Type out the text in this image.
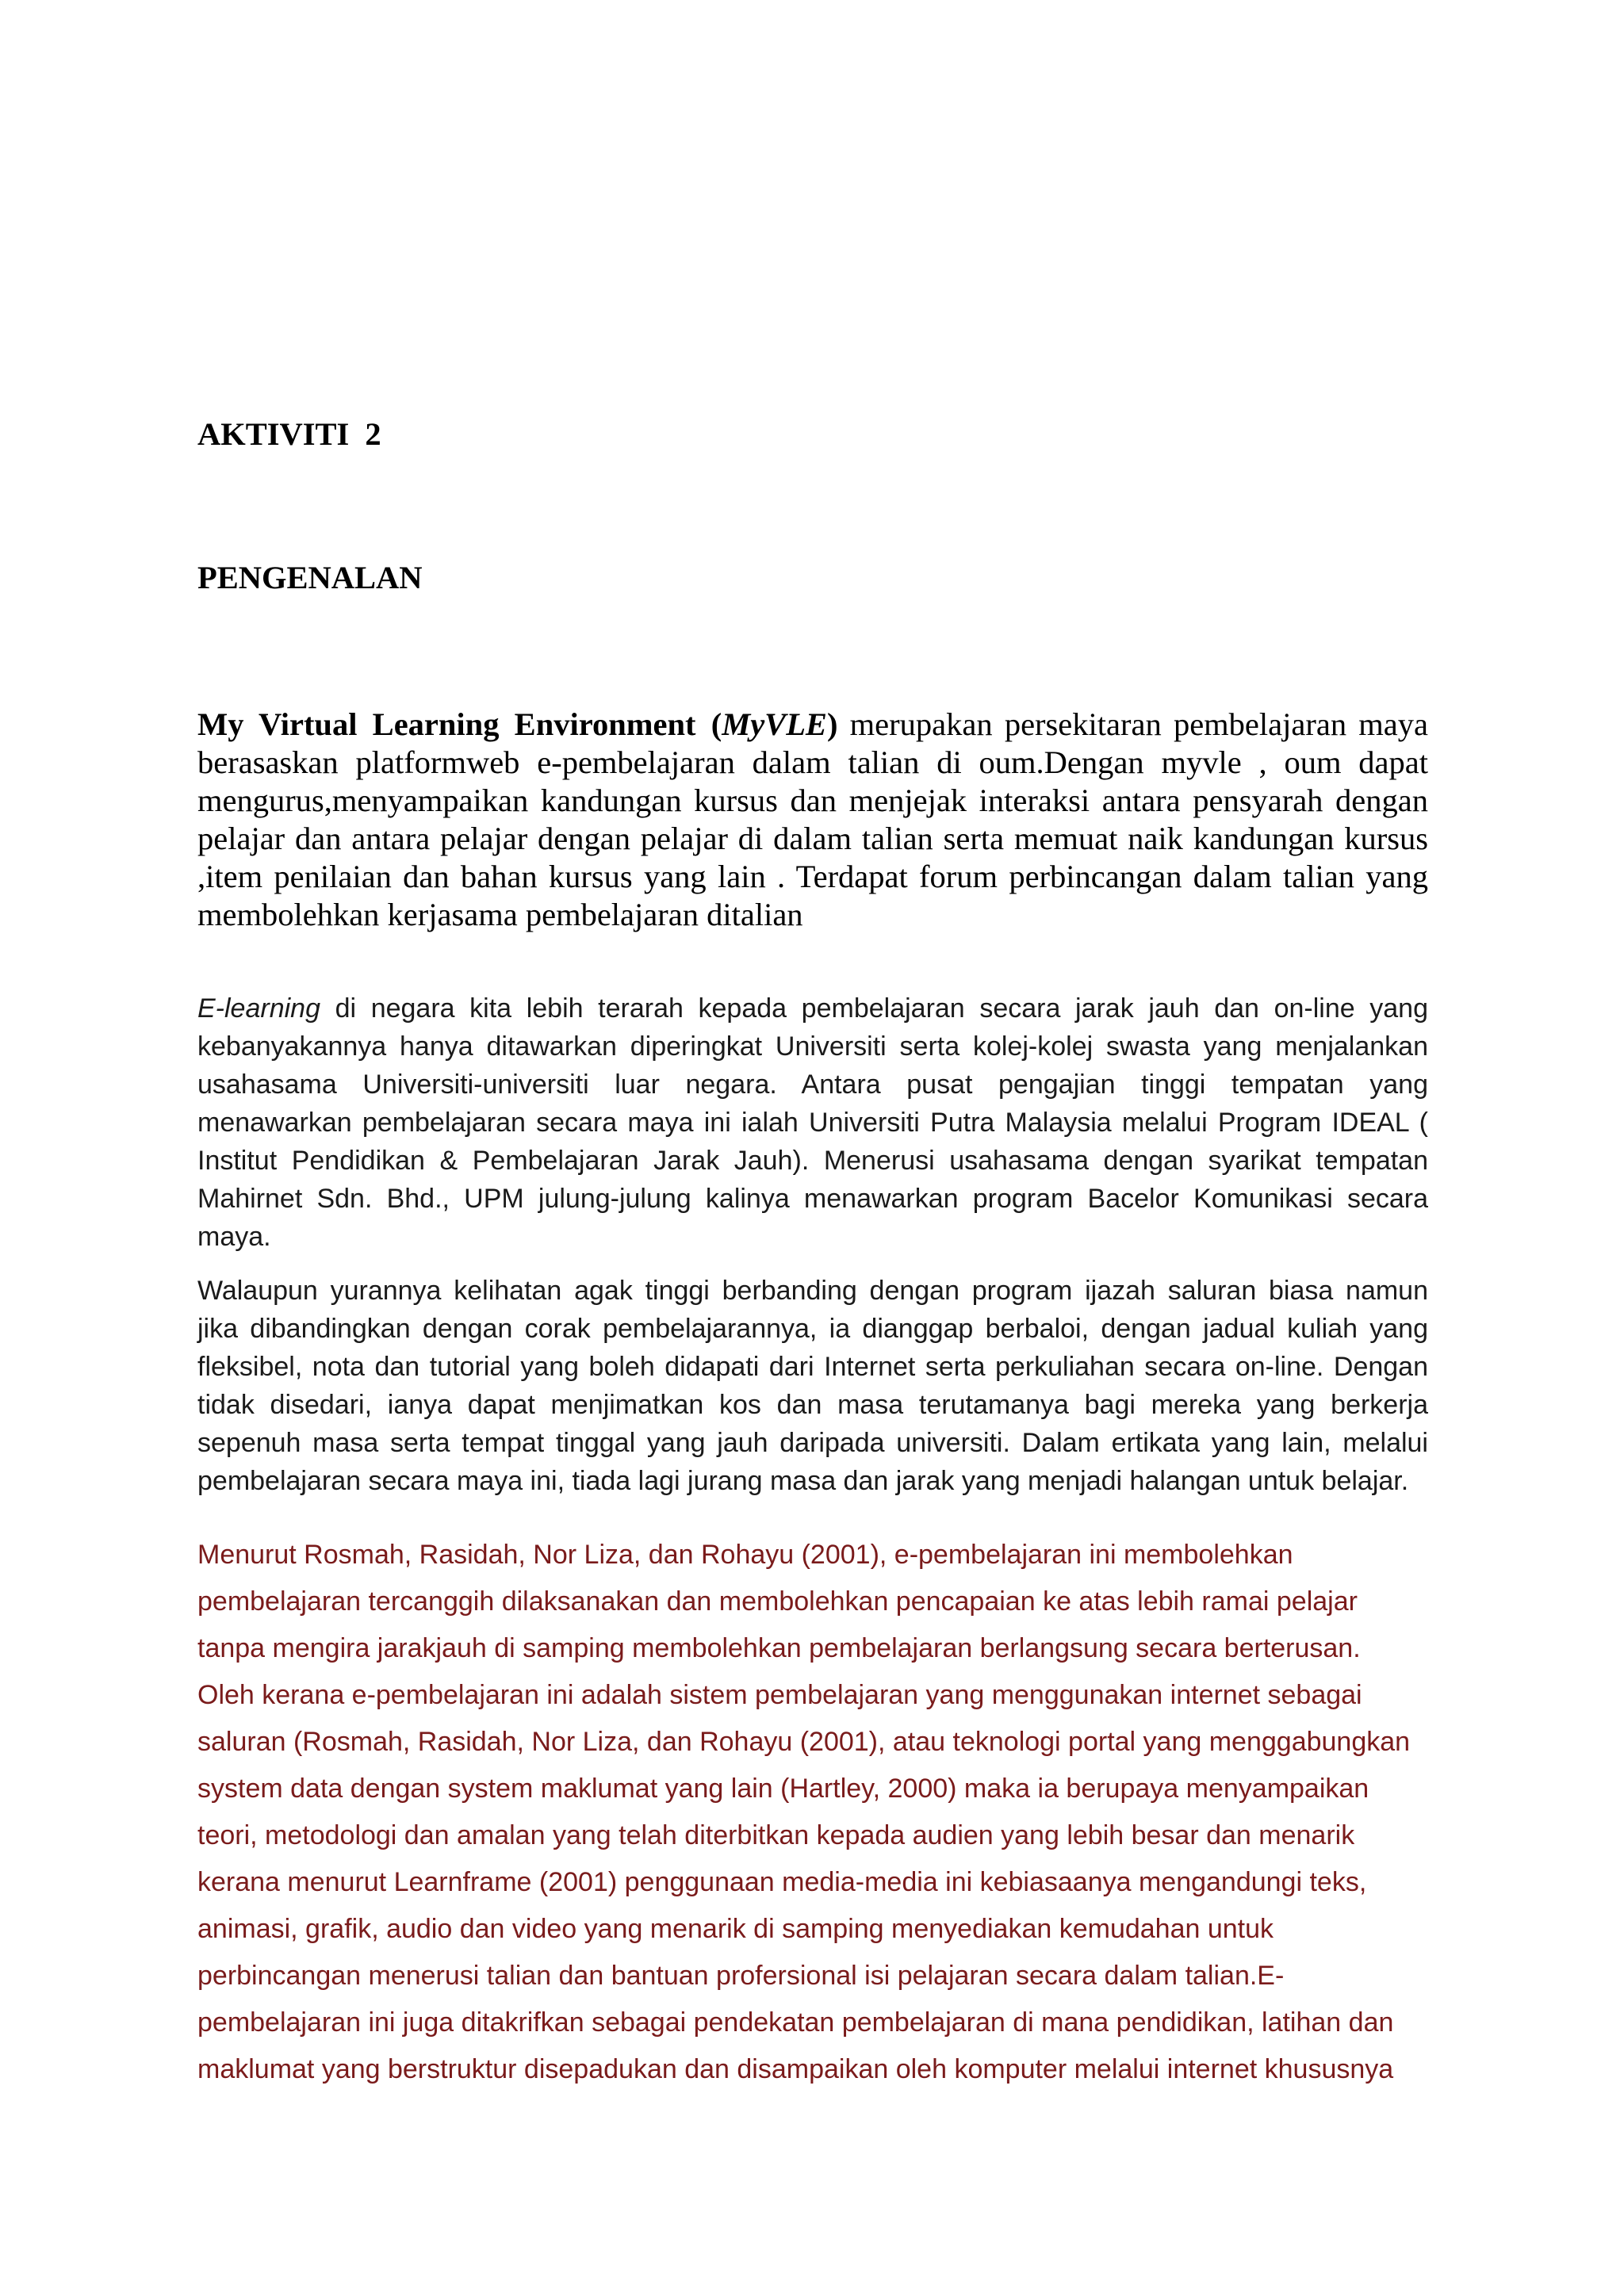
AKTIVITI 2
PENGENALAN
My Virtual Learning Environment (MyVLE) merupakan persekitaran pembelajaran maya
berasaskan platformweb e-pembelajaran dalam talian di oum.Dengan myvle , oum dapat
mengurus,menyampaikan kandungan kursus dan menjejak interaksi antara pensyarah dengan
pelajar dan antara pelajar dengan pelajar di dalam talian serta memuat naik kandungan kursus
,item penilaian dan bahan kursus yang lain . Terdapat forum perbincangan dalam talian yang
membolehkan kerjasama pembelajaran ditalian
E-learning di negara kita lebih terarah kepada pembelajaran secara jarak jauh dan on-line yang
kebanyakannya hanya ditawarkan diperingkat Universiti serta kolej-kolej swasta yang menjalankan
usahasama Universiti-universiti luar negara. Antara pusat pengajian tinggi tempatan yang
menawarkan pembelajaran secara maya ini ialah Universiti Putra Malaysia melalui Program IDEAL (
Institut Pendidikan & Pembelajaran Jarak Jauh). Menerusi usahasama dengan syarikat tempatan
Mahirnet Sdn. Bhd., UPM julung-julung kalinya menawarkan program Bacelor Komunikasi secara
maya.
Walaupun yurannya kelihatan agak tinggi berbanding dengan program ijazah saluran biasa namun
jika dibandingkan dengan corak pembelajarannya, ia dianggap berbaloi, dengan jadual kuliah yang
fleksibel, nota dan tutorial yang boleh didapati dari Internet serta perkuliahan secara on-line. Dengan
tidak disedari, ianya dapat menjimatkan kos dan masa terutamanya bagi mereka yang berkerja
sepenuh masa serta tempat tinggal yang jauh daripada universiti. Dalam ertikata yang lain, melalui
pembelajaran secara maya ini, tiada lagi jurang masa dan jarak yang menjadi halangan untuk belajar.
Menurut Rosmah, Rasidah, Nor Liza, dan Rohayu (2001), e-pembelajaran ini membolehkan
pembelajaran tercanggih dilaksanakan dan membolehkan pencapaian ke atas lebih ramai pelajar
tanpa mengira jarakjauh di samping membolehkan pembelajaran berlangsung secara berterusan.
Oleh kerana e-pembelajaran ini adalah sistem pembelajaran yang menggunakan internet sebagai
saluran (Rosmah, Rasidah, Nor Liza, dan Rohayu (2001), atau teknologi portal yang menggabungkan
system data dengan system maklumat yang lain (Hartley, 2000) maka ia berupaya menyampaikan
teori, metodologi dan amalan yang telah diterbitkan kepada audien yang lebih besar dan menarik
kerana menurut Learnframe (2001) penggunaan media-media ini kebiasaanya mengandungi teks,
animasi, grafik, audio dan video yang menarik di samping menyediakan kemudahan untuk
perbincangan menerusi talian dan bantuan profersional isi pelajaran secara dalam talian.E-
pembelajaran ini juga ditakrifkan sebagai pendekatan pembelajaran di mana pendidikan, latihan dan
maklumat yang berstruktur disepadukan dan disampaikan oleh komputer melalui internet khususnya
